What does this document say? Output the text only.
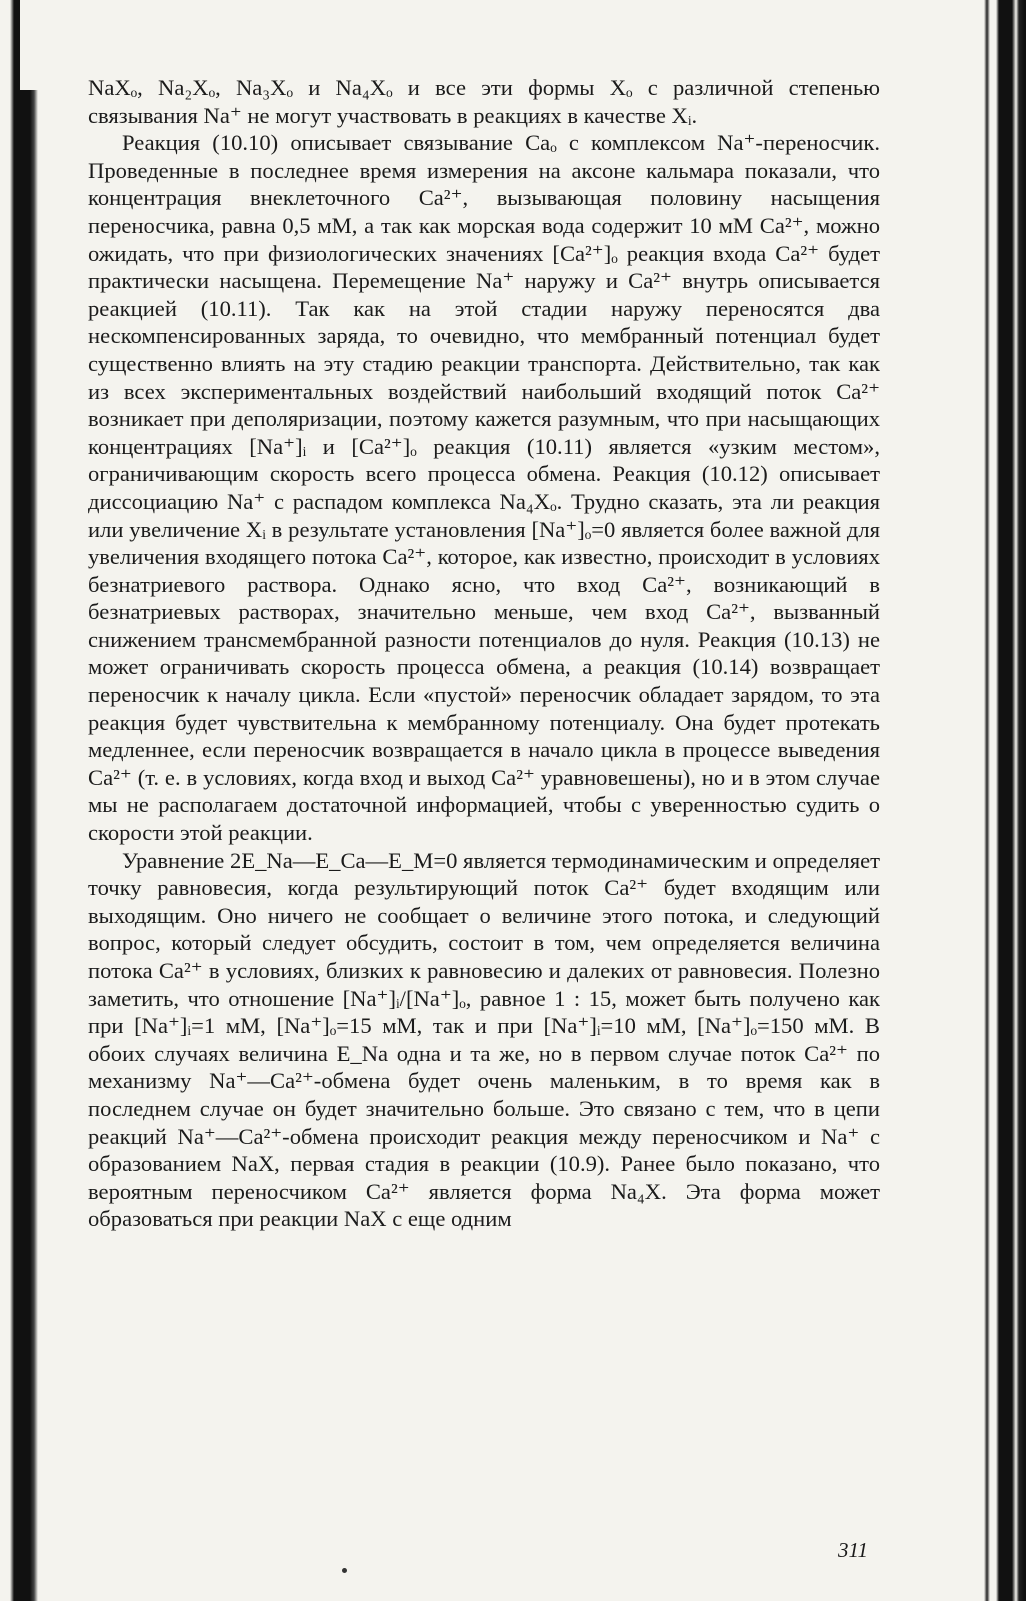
NaXₒ, Na₂Xₒ, Na₃Xₒ и Na₄Xₒ и все эти формы Xₒ с различной степенью связывания Na⁺ не могут участвовать в реакциях в качестве Xᵢ.

Реакция (10.10) описывает связывание Caₒ с комплексом Na⁺-переносчик. Проведенные в последнее время измерения на аксоне кальмара показали, что концентрация внеклеточного Ca²⁺, вызывающая половину насыщения переносчика, равна 0,5 мМ, а так как морская вода содержит 10 мМ Ca²⁺, можно ожидать, что при физиологических значениях [Ca²⁺]ₒ реакция входа Ca²⁺ будет практически насыщена. Перемещение Na⁺ наружу и Ca²⁺ внутрь описывается реакцией (10.11). Так как на этой стадии наружу переносятся два нескомпенсированных заряда, то очевидно, что мембранный потенциал будет существенно влиять на эту стадию реакции транспорта. Действительно, так как из всех экспериментальных воздействий наибольший входящий поток Ca²⁺ возникает при деполяризации, поэтому кажется разумным, что при насыщающих концентрациях [Na⁺]ᵢ и [Ca²⁺]ₒ реакция (10.11) является «узким местом», ограничивающим скорость всего процесса обмена. Реакция (10.12) описывает диссоциацию Na⁺ с распадом комплекса Na₄Xₒ. Трудно сказать, эта ли реакция или увеличение Xᵢ в результате установления [Na⁺]ₒ=0 является более важной для увеличения входящего потока Ca²⁺, которое, как известно, происходит в условиях безнатриевого раствора. Однако ясно, что вход Ca²⁺, возникающий в безнатриевых растворах, значительно меньше, чем вход Ca²⁺, вызванный снижением трансмембранной разности потенциалов до нуля. Реакция (10.13) не может ограничивать скорость процесса обмена, а реакция (10.14) возвращает переносчик к началу цикла. Если «пустой» переносчик обладает зарядом, то эта реакция будет чувствительна к мембранному потенциалу. Она будет протекать медленнее, если переносчик возвращается в начало цикла в процессе выведения Ca²⁺ (т. е. в условиях, когда вход и выход Ca²⁺ уравновешены), но и в этом случае мы не располагаем достаточной информацией, чтобы с уверенностью судить о скорости этой реакции.

Уравнение 2E_Na—E_Ca—E_M=0 является термодинамическим и определяет точку равновесия, когда результирующий поток Ca²⁺ будет входящим или выходящим. Оно ничего не сообщает о величине этого потока, и следующий вопрос, который следует обсудить, состоит в том, чем определяется величина потока Ca²⁺ в условиях, близких к равновесию и далеких от равновесия. Полезно заметить, что отношение [Na⁺]ᵢ/[Na⁺]ₒ, равное 1 : 15, может быть получено как при [Na⁺]ᵢ=1 мМ, [Na⁺]ₒ=15 мМ, так и при [Na⁺]ᵢ=10 мМ, [Na⁺]ₒ=150 мМ. В обоих случаях величина E_Na одна и та же, но в первом случае поток Ca²⁺ по механизму Na⁺—Ca²⁺-обмена будет очень маленьким, в то время как в последнем случае он будет значительно больше. Это связано с тем, что в цепи реакций Na⁺—Ca²⁺-обмена происходит реакция между переносчиком и Na⁺ с образованием NaX, первая стадия в реакции (10.9). Ранее было показано, что вероятным переносчиком Ca²⁺ является форма Na₄X. Эта форма может образоваться при реакции NaX с еще одним

311
